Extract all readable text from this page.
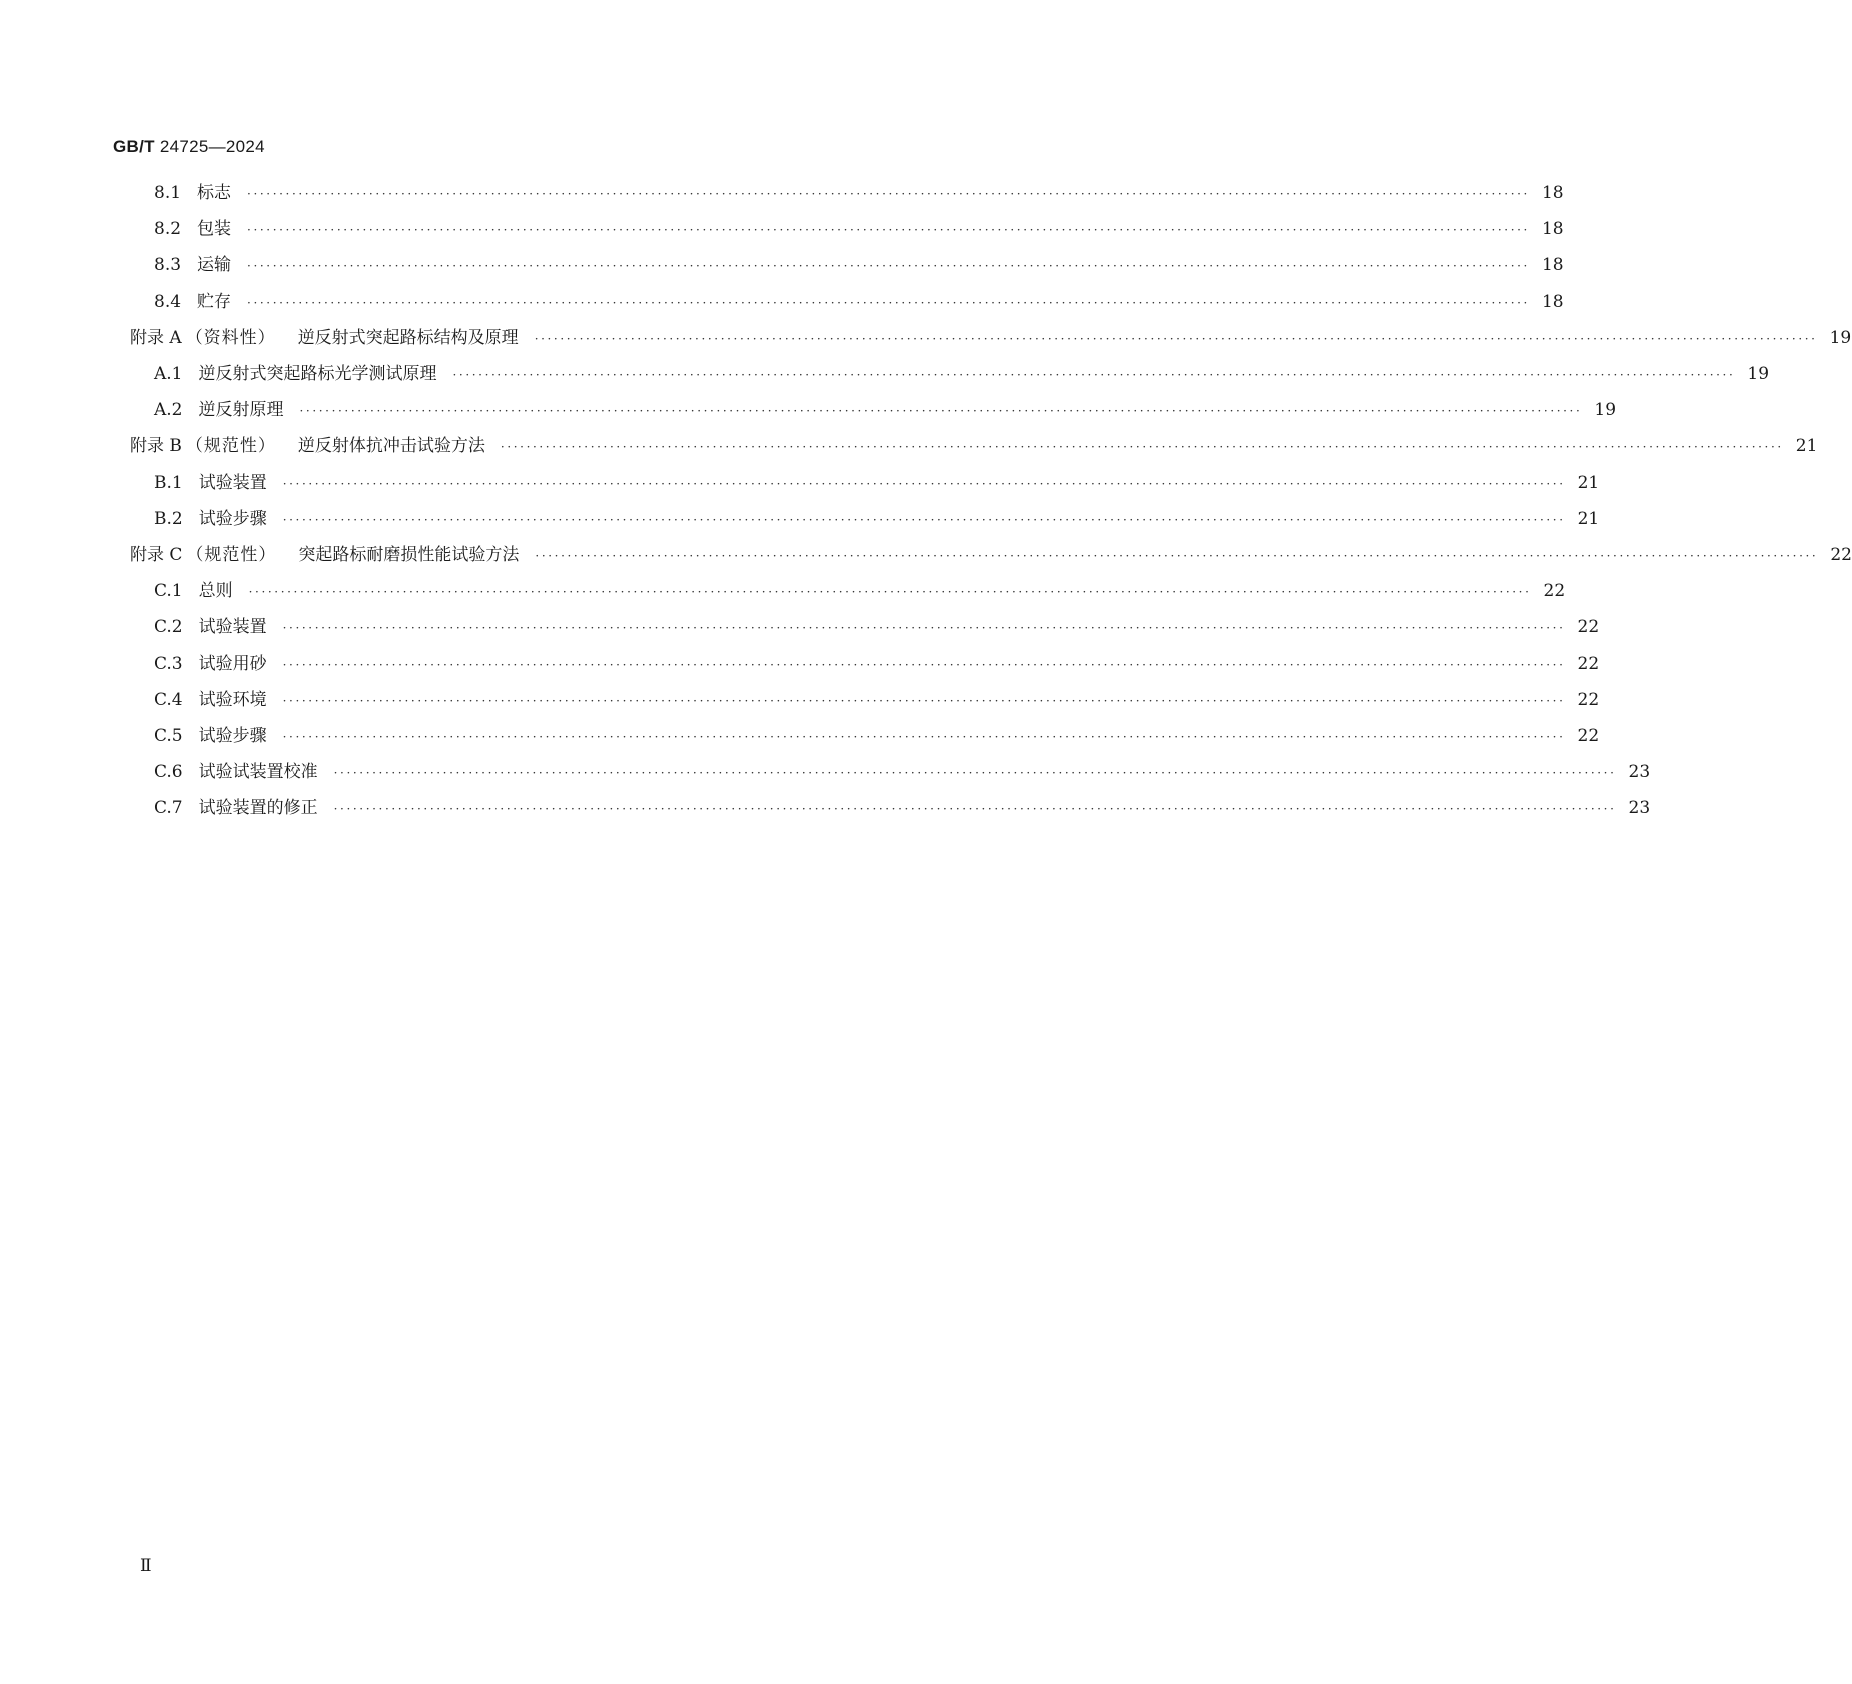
GB/T 24725—2024
8.1 标志 ········································································································································································································ 18
8.2 包装 ········································································································································································································ 18
8.3 运输 ········································································································································································································ 18
8.4 贮存 ········································································································································································································ 18
附录 A （资料性） 逆反射式突起路标结构及原理 ········································································································································································································ 19
A.1 逆反射式突起路标光学测试原理 ········································································································································································································ 19
A.2 逆反射原理 ········································································································································································································ 19
附录 B （规范性） 逆反射体抗冲击试验方法 ········································································································································································································ 21
B.1 试验装置 ········································································································································································································ 21
B.2 试验步骤 ········································································································································································································ 21
附录 C （规范性） 突起路标耐磨损性能试验方法 ········································································································································································································ 22
C.1 总则 ········································································································································································································ 22
C.2 试验装置 ········································································································································································································ 22
C.3 试验用砂 ········································································································································································································ 22
C.4 试验环境 ········································································································································································································ 22
C.5 试验步骤 ········································································································································································································ 22
C.6 试验试装置校准 ········································································································································································································ 23
C.7 试验装置的修正 ········································································································································································································ 23
Ⅱ
